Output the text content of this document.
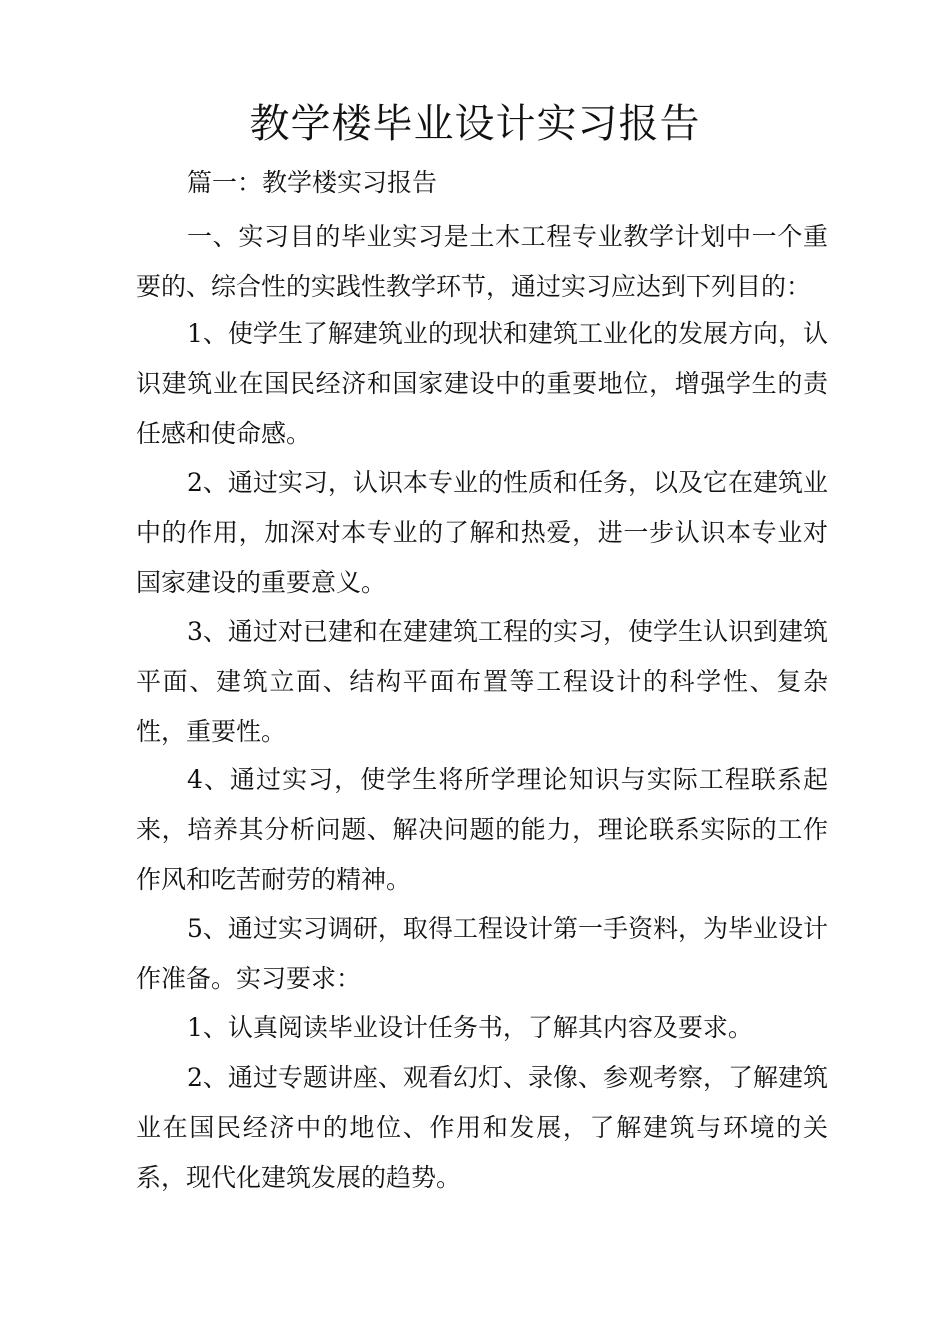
教学楼毕业设计实习报告

篇一：教学楼实习报告

一、实习目的毕业实习是土木工程专业教学计划中一个重要的、综合性的实践性教学环节，通过实习应达到下列目的：

1、使学生了解建筑业的现状和建筑工业化的发展方向，认识建筑业在国民经济和国家建设中的重要地位，增强学生的责任感和使命感。

2、通过实习，认识本专业的性质和任务，以及它在建筑业中的作用，加深对本专业的了解和热爱，进一步认识本专业对国家建设的重要意义。

3、通过对已建和在建建筑工程的实习，使学生认识到建筑平面、建筑立面、结构平面布置等工程设计的科学性、复杂性，重要性。

4、通过实习，使学生将所学理论知识与实际工程联系起来，培养其分析问题、解决问题的能力，理论联系实际的工作作风和吃苦耐劳的精神。

5、通过实习调研，取得工程设计第一手资料，为毕业设计作准备。实习要求：

1、认真阅读毕业设计任务书，了解其内容及要求。

2、通过专题讲座、观看幻灯、录像、参观考察，了解建筑业在国民经济中的地位、作用和发展，了解建筑与环境的关系，现代化建筑发展的趋势。
